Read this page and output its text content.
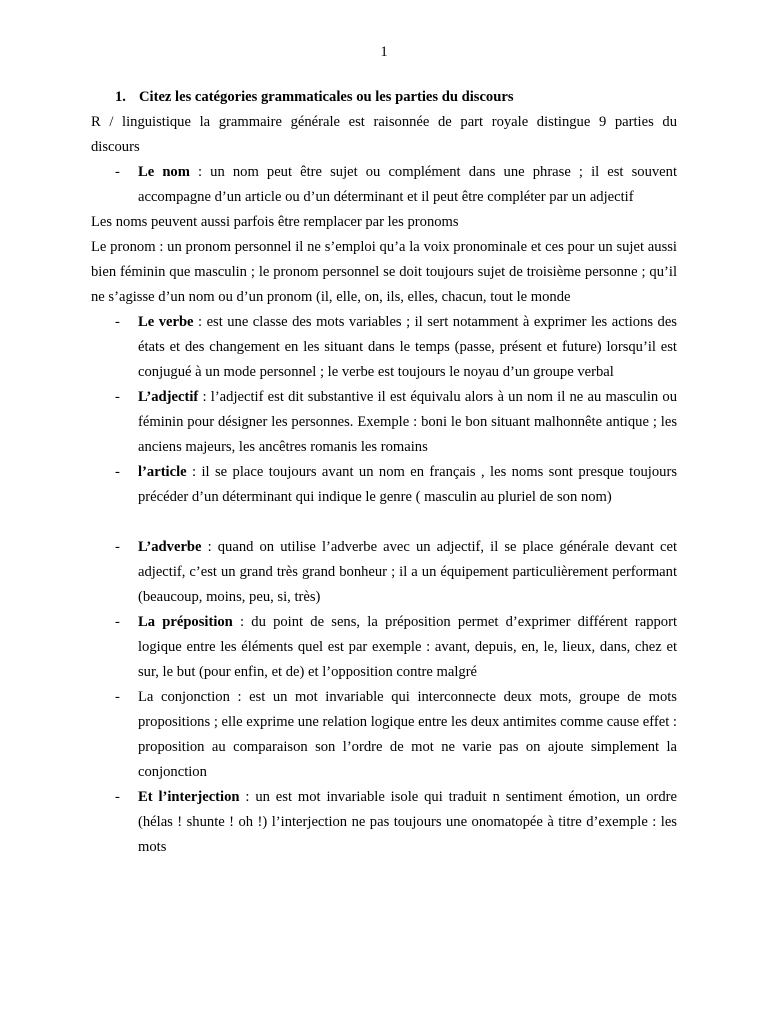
1
1. Citez les catégories grammaticales ou les parties du discours

R / linguistique la grammaire générale est raisonnée de part royale distingue 9 parties du

discours

-	Le nom : un nom peut être sujet ou complément dans une phrase ; il est souvent accompagne d’un article ou d’un déterminant et il peut être compléter par un adjectif

Les noms peuvent aussi parfois être remplacer par les pronoms

Le pronom : un pronom personnel il ne s’emploi qu’a la voix pronominale et ces pour un sujet aussi bien féminin que masculin ; le pronom personnel se doit toujours sujet de troisième personne ; qu’il ne s’agisse d’un nom ou d’un pronom (il, elle, on, ils, elles, chacun, tout le monde

-	Le verbe : est une classe des mots variables ; il sert notamment à exprimer les actions des états et des changement en les situant dans le temps (passe, présent et future) lorsqu’il est conjugué à un mode personnel ; le verbe est toujours le noyau d’un groupe verbal
-	L’adjectif : l’adjectif est dit substantive il est équivalu alors à un nom il ne au masculin ou féminin pour désigner les personnes. Exemple : boni le bon situant malhonnête antique ; les anciens majeurs, les ancêtres romanis les romains
-	l’article : il se place toujours avant un nom en français , les noms sont presque toujours précéder d’un déterminant qui indique le genre ( masculin au pluriel de son nom)
-	L’adverbe : quand on utilise l’adverbe avec un adjectif, il se place générale devant cet adjectif, c’est un grand très grand bonheur ; il a un équipement particulièrement performant (beaucoup, moins, peu, si, très)
-	La préposition : du point de sens, la préposition permet d’exprimer différent rapport logique entre les éléments quel est par exemple : avant, depuis, en, le, lieux, dans, chez et sur, le but (pour enfin, et de) et l’opposition contre malgré
-	La conjonction : est un mot invariable qui interconnecte deux mots, groupe de mots propositions ; elle exprime une relation logique entre les deux antimites comme cause effet : proposition au comparaison son l’ordre de mot ne varie pas on ajoute simplement la conjonction
-	Et l’interjection : un est mot invariable isole qui traduit n sentiment émotion, un ordre (hélas ! shunte ! oh !) l’interjection ne pas toujours une onomatopée à titre d’exemple : les mots
